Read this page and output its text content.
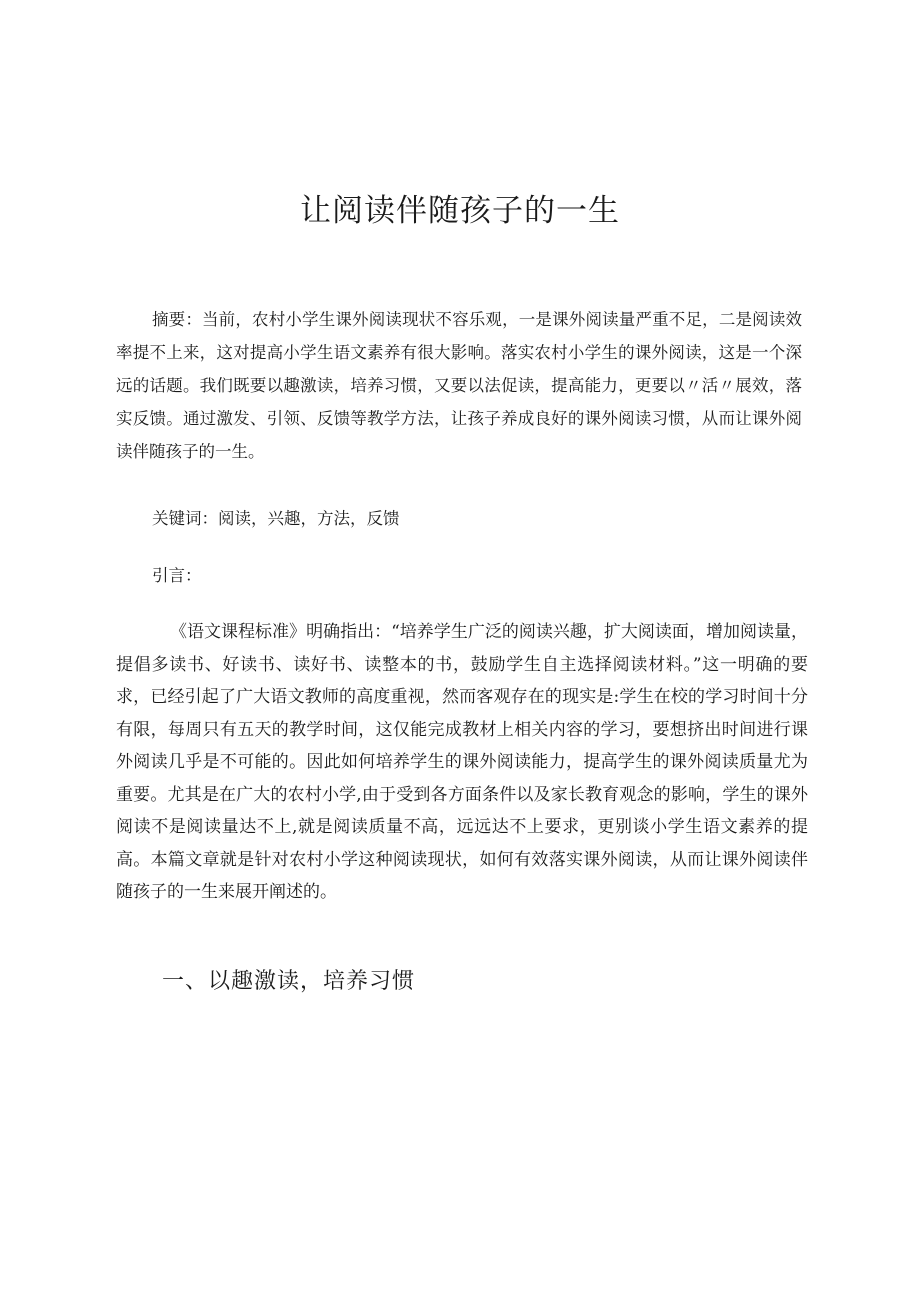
让阅读伴随孩子的一生

摘要：当前，农村小学生课外阅读现状不容乐观，一是课外阅读量严重不足，二是阅读效率提不上来，这对提高小学生语文素养有很大影响。落实农村小学生的课外阅读，这是一个深远的话题。我们既要以趣激读，培养习惯，又要以法促读，提高能力，更要以〃活〃展效，落实反馈。通过激发、引领、反馈等教学方法，让孩子养成良好的课外阅读习惯，从而让课外阅读伴随孩子的一生。

关键词：阅读，兴趣，方法，反馈

引言：

《语文课程标准》明确指出：“培养学生广泛的阅读兴趣，扩大阅读面，增加阅读量，提倡多读书、好读书、读好书、读整本的书，鼓励学生自主选择阅读材料。”这一明确的要求，已经引起了广大语文教师的高度重视，然而客观存在的现实是:学生在校的学习时间十分有限，每周只有五天的教学时间，这仅能完成教材上相关内容的学习，要想挤出时间进行课外阅读几乎是不可能的。因此如何培养学生的课外阅读能力，提高学生的课外阅读质量尤为重要。尤其是在广大的农村小学,由于受到各方面条件以及家长教育观念的影响，学生的课外阅读不是阅读量达不上,就是阅读质量不高，远远达不上要求，更别谈小学生语文素养的提高。本篇文章就是针对农村小学这种阅读现状，如何有效落实课外阅读，从而让课外阅读伴随孩子的一生来展开阐述的。

一、以趣激读，培养习惯
